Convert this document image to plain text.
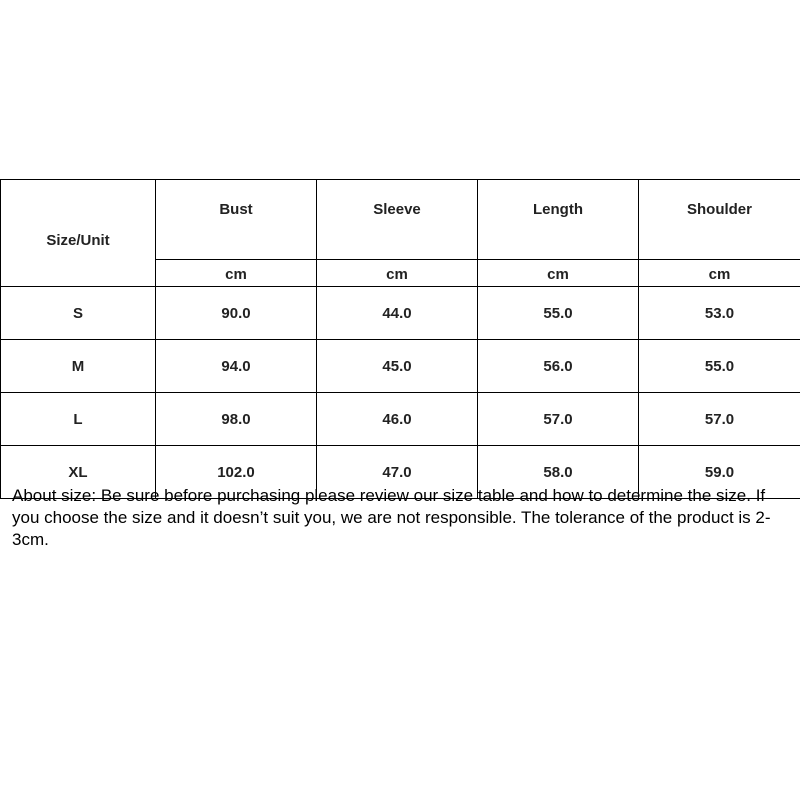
Size/Unit	Bust	Sleeve	Length	Shoulder
	cm	cm	cm	cm
S	90.0	44.0	55.0	53.0
M	94.0	45.0	56.0	55.0
L	98.0	46.0	57.0	57.0
XL	102.0	47.0	58.0	59.0

About size: Be sure before purchasing please review our size table and how to determine the size. If you choose the size and it doesn’t suit you, we are not responsible. The tolerance of the product is 2-3cm.
